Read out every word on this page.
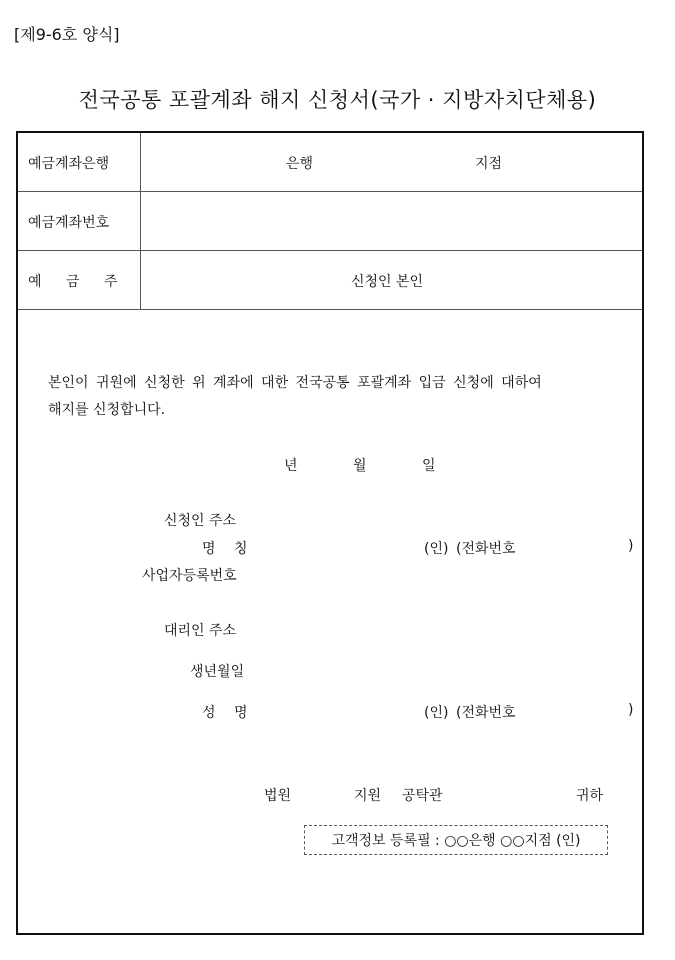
[제9-6호 양식]
전국공통 포괄계좌 해지 신청서(국가 · 지방자치단체용)
예금계좌은행	은행	지점
예금계좌번호
예 금 주	신청인 본인
본인이 귀원에 신청한 위 계좌에 대한 전국공통 포괄계좌 입금 신청에 대하여
해지를 신청합니다.
년	월	일
신청인 주소
명 칭	(인) (전화번호	)
사업자등록번호
대리인 주소
생년월일
성 명	(인) (전화번호	)
법원	지원 공탁관	귀하
고객정보 등록필 : ○○은행 ○○지점 (인)
